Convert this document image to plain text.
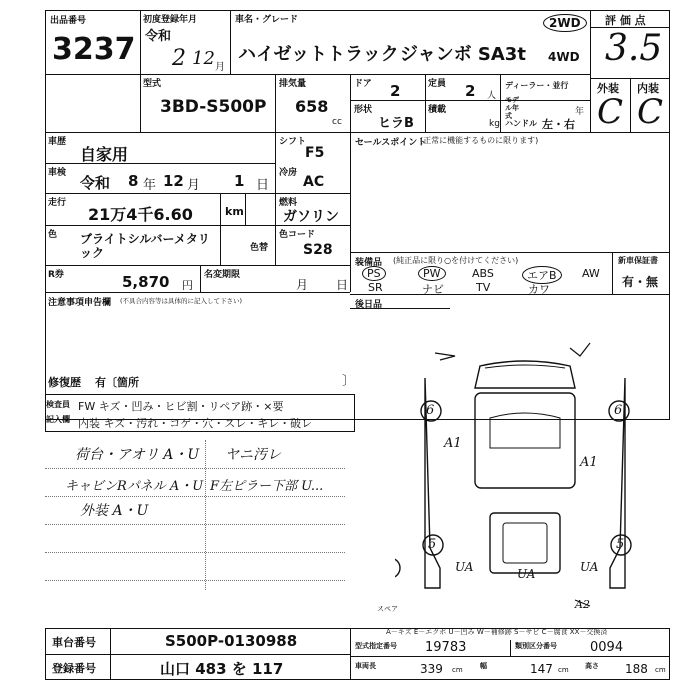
出品番号
3237
初度登録年月
令和
2 12 月
車名・グレード
ハイゼットトラック ジャンボ SA3t
2WD
4WD
評 価 点
3.5
外装 内装
C C
型式
3BD-S500P
排気量
658
cc
ドア 2	定員 2 人
形状
ヒラB
積載
kg
ディーラー・並行
モデル年式	年
ハンドル 左・右
車歴
自家用
車検
令和 8 年 12 月 1 日
走行
21万4千6.60	km
色 ブライトシルバーメタリック	色替
シフト
F5
冷房
AC
燃料
ガソリン
色コード
S28
R券	5,870 円
名変期限
月 日
注意事項申告欄 (不具合内容等は具体的に記入して下さい)
修復歴 有〔箇所	〕
セールスポイント
(正常に機能するものに限ります)
装備品 (純正品に限り○を付けてください)	新車保証書
有・無
PS	PW	ABS	エアB	AW
SR	ナビ	TV	カワ
後日品
A1
A1
UA	UA	UA
A2
6	6
5	5
スペア
A－キズ E－エクボ U－凹み W－補修跡 S－サビ C－腐食 XX－交換済
検査員
記入欄
FW キズ・凹み・ヒビ割・リペア跡・×要
内装 キズ・汚れ・コゲ・穴・スレ・キレ・破レ
荷台・アオリ A・U ヤニ汚レ
キャビンRパネル A・U F左ピラー下部 U...
外装 A・U
車台番号	S500P-0130988
登録番号	山口 483 を 117
型式指定番号 19783	類別区分番号	0094
車両長	339 cm 幅	147 cm 高さ 188 cm
